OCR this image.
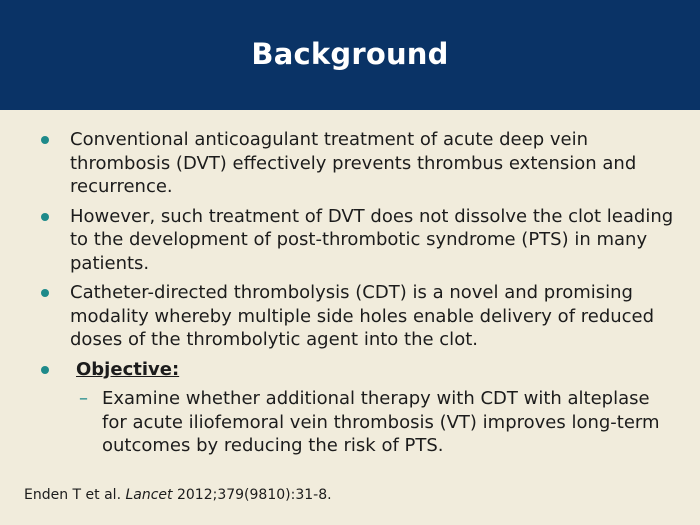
Background
Conventional anticoagulant treatment of acute deep vein thrombosis (DVT) effectively prevents thrombus extension and recurrence.
However, such treatment of DVT does not dissolve the clot leading to the development of post-thrombotic syndrome (PTS) in many patients.
Catheter-directed thrombolysis (CDT) is a novel and promising modality whereby multiple side holes enable delivery of reduced doses of the thrombolytic agent into the clot.
Objective:
– Examine whether additional therapy with CDT with alteplase for acute iliofemoral vein thrombosis (VT) improves long-term outcomes by reducing the risk of PTS.
Enden T et al. Lancet 2012;379(9810):31-8.
